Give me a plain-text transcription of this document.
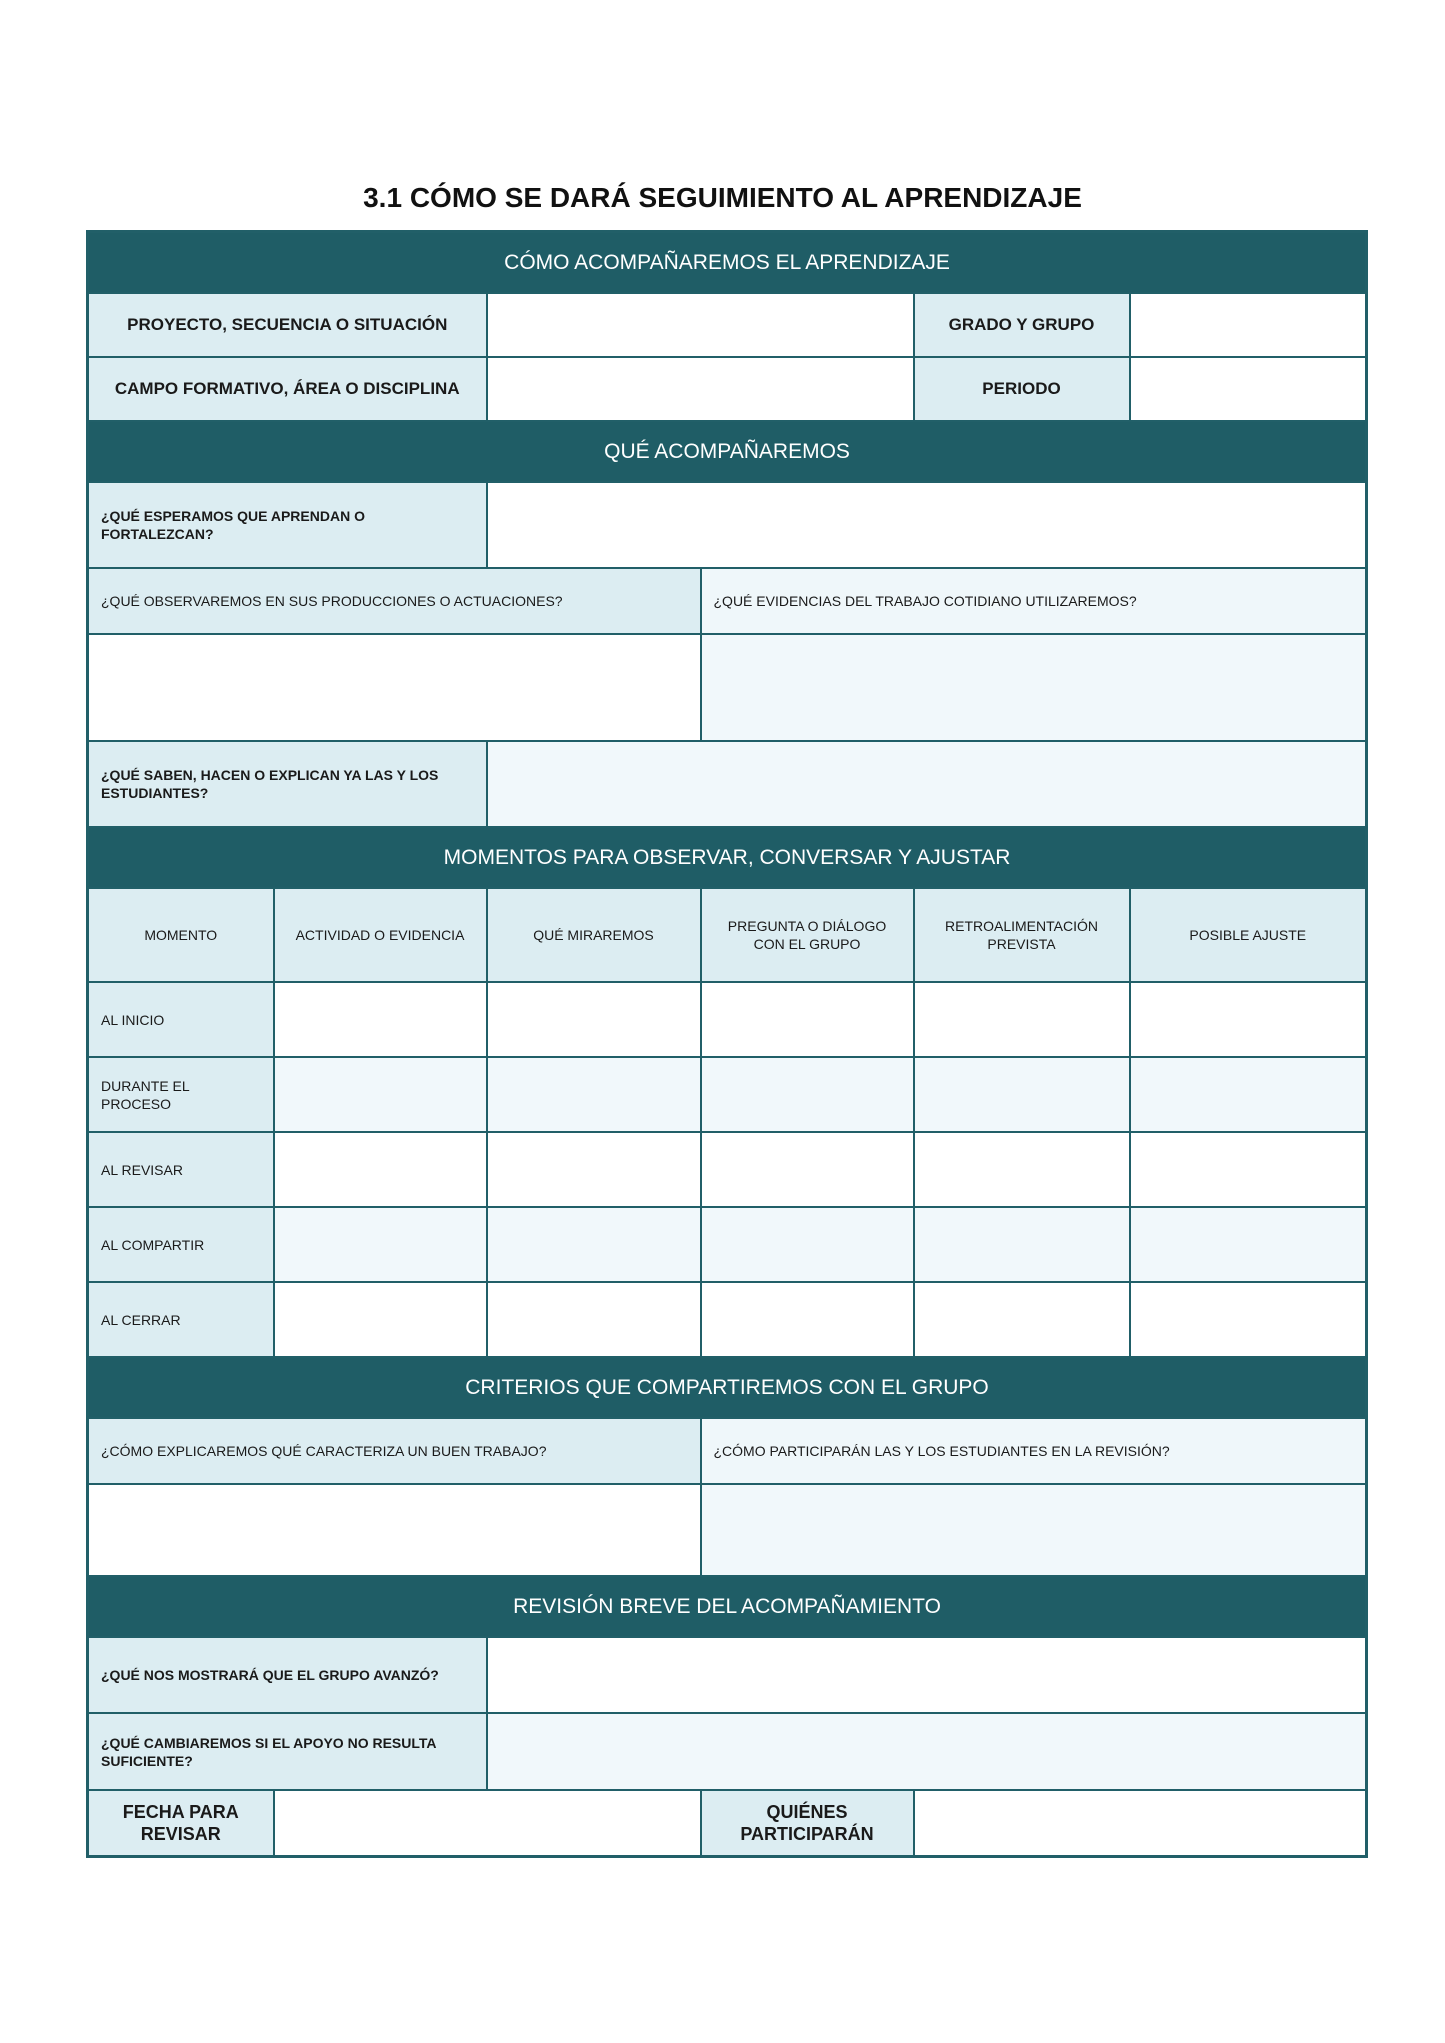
3.1 CÓMO SE DARÁ SEGUIMIENTO AL APRENDIZAJE
CÓMO ACOMPAÑAREMOS EL APRENDIZAJE					
PROYECTO, SECUENCIA O SITUACIÓN				GRADO Y GRUPO	
CAMPO FORMATIVO, ÁREA O DISCIPLINA				PERIODO	
QUÉ ACOMPAÑAREMOS					
¿QUÉ ESPERAMOS QUE APRENDAN O FORTALEZCAN?					
¿QUÉ OBSERVAREMOS EN SUS PRODUCCIONES O ACTUACIONES?			¿QUÉ EVIDENCIAS DEL TRABAJO COTIDIANO UTILIZAREMOS?		

¿QUÉ SABEN, HACEN O EXPLICAN YA LAS Y LOS ESTUDIANTES?					
MOMENTOS PARA OBSERVAR, CONVERSAR Y AJUSTAR					
MOMENTO	ACTIVIDAD O EVIDENCIA	QUÉ MIRAREMOS	PREGUNTA O DIÁLOGO CON EL GRUPO	RETROALIMENTACIÓN PREVISTA	POSIBLE AJUSTE
AL INICIO					
DURANTE EL PROCESO					
AL REVISAR					
AL COMPARTIR					
AL CERRAR					
CRITERIOS QUE COMPARTIREMOS CON EL GRUPO					
¿CÓMO EXPLICAREMOS QUÉ CARACTERIZA UN BUEN TRABAJO?			¿CÓMO PARTICIPARÁN LAS Y LOS ESTUDIANTES EN LA REVISIÓN?		

REVISIÓN BREVE DEL ACOMPAÑAMIENTO					
¿QUÉ NOS MOSTRARÁ QUE EL GRUPO AVANZÓ?					
¿QUÉ CAMBIAREMOS SI EL APOYO NO RESULTA SUFICIENTE?					
FECHA PARA REVISAR			QUIÉNES PARTICIPARÁN		
